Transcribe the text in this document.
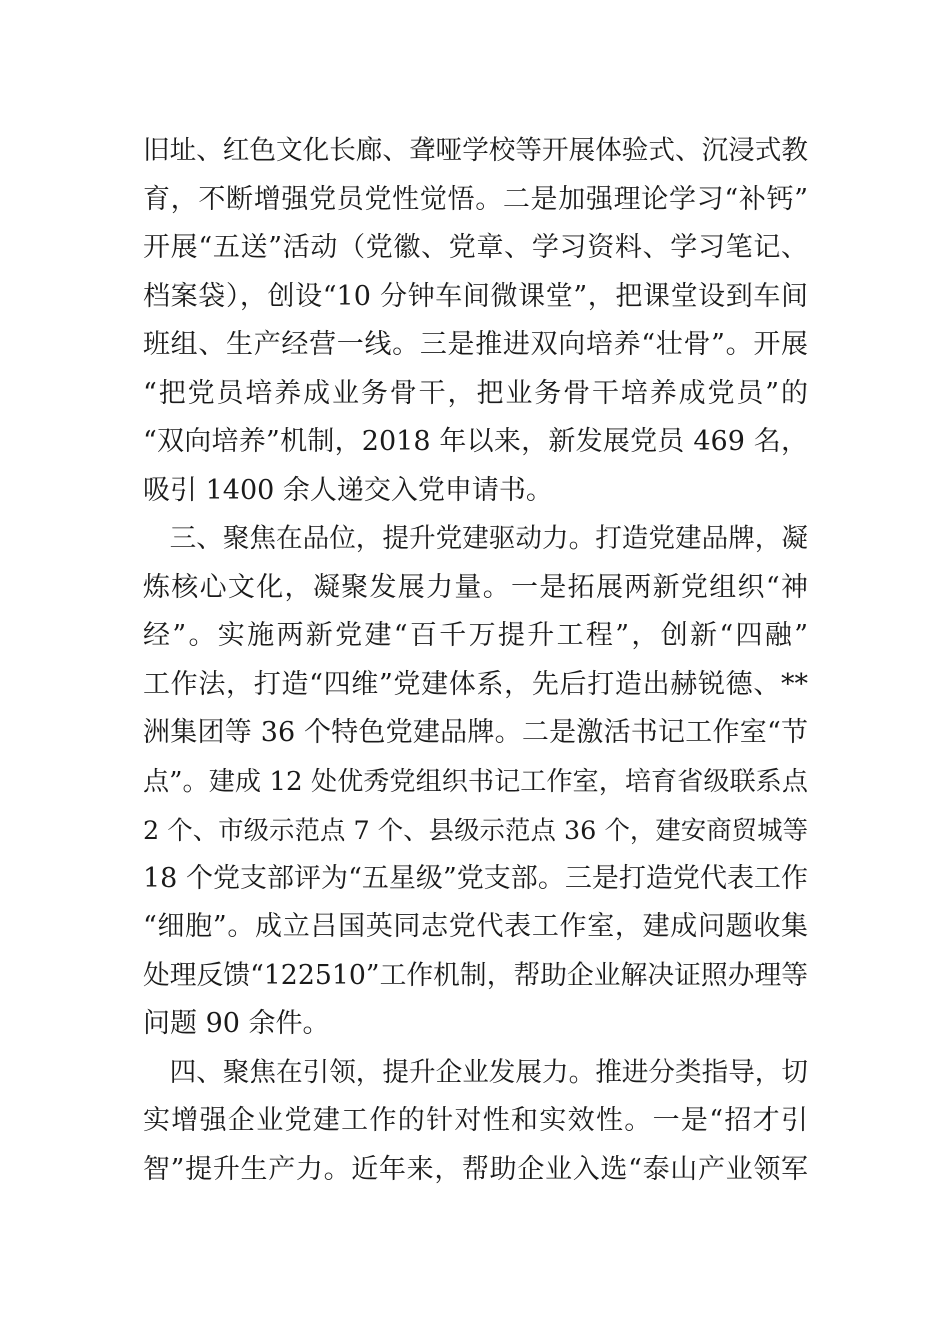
旧址、红色文化长廊、聋哑学校等开展体验式、沉浸式教
育，不断增强党员党性觉悟。二是加强理论学习“补钙”
开展“五送”活动（党徽、党章、学习资料、学习笔记、
档案袋），创设“10 分钟车间微课堂”，把课堂设到车间
班组、生产经营一线。三是推进双向培养“壮骨”。开展
“把党员培养成业务骨干，把业务骨干培养成党员”的
“双向培养”机制，2018 年以来，新发展党员 469 名，
吸引 1400 余人递交入党申请书。
　三、聚焦在品位，提升党建驱动力。打造党建品牌，凝
炼核心文化，凝聚发展力量。一是拓展两新党组织“神
经”。实施两新党建“百千万提升工程”，创新“四融”
工作法，打造“四维”党建体系，先后打造出赫锐德、**
洲集团等 36 个特色党建品牌。二是激活书记工作室“节
点”。建成 12 处优秀党组织书记工作室，培育省级联系点
2 个、市级示范点 7 个、县级示范点 36 个，建安商贸城等
18 个党支部评为“五星级”党支部。三是打造党代表工作
“细胞”。成立吕国英同志党代表工作室，建成问题收集
处理反馈“122510”工作机制，帮助企业解决证照办理等
问题 90 余件。
　四、聚焦在引领，提升企业发展力。推进分类指导，切
实增强企业党建工作的针对性和实效性。一是“招才引
智”提升生产力。近年来，帮助企业入选“泰山产业领军
